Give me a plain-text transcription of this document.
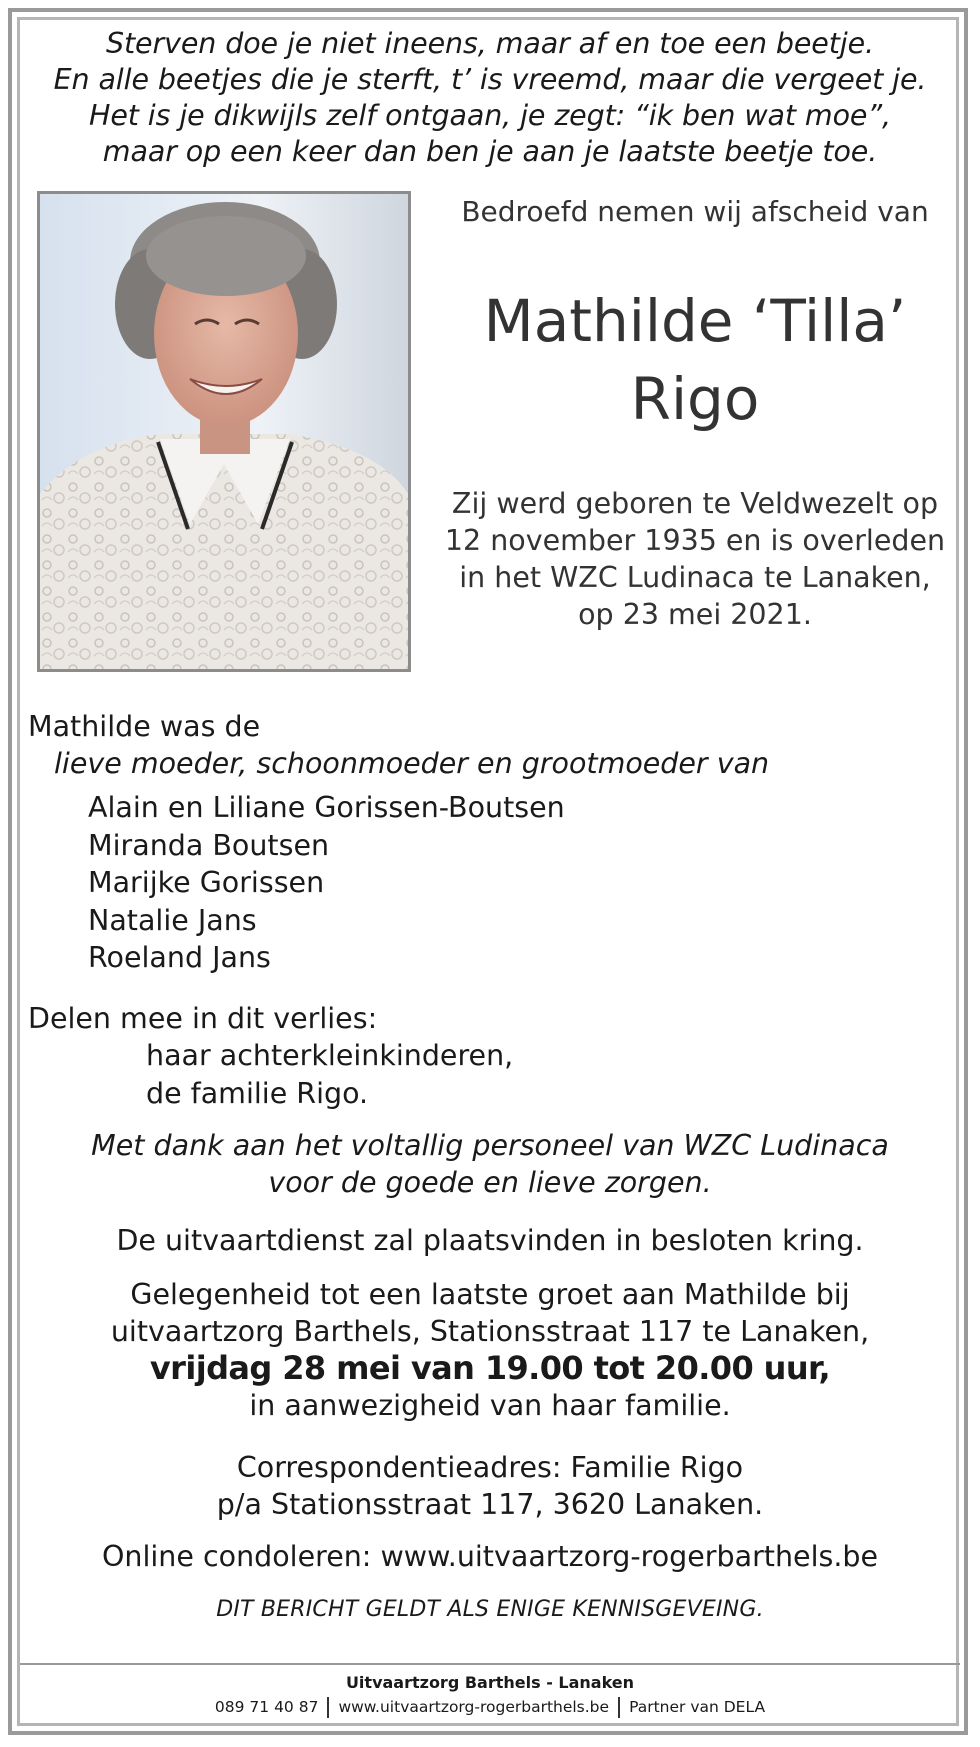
Sterven doe je niet ineens, maar af en toe een beetje.
En alle beetjes die je sterft, t’ is vreemd, maar die vergeet je.
Het is je dikwijls zelf ontgaan, je zegt: “ik ben wat moe”,
maar op een keer dan ben je aan je laatste beetje toe.
Bedroefd nemen wij afscheid van
Mathilde ‘Tilla’
Rigo
Zij werd geboren te Veldwezelt op
12 november 1935 en is overleden
in het WZC Ludinaca te Lanaken,
op 23 mei 2021.
Mathilde was de
lieve moeder, schoonmoeder en grootmoeder van
Alain en Liliane Gorissen-Boutsen
Miranda Boutsen
Marijke Gorissen
Natalie Jans
Roeland Jans
Delen mee in dit verlies:
haar achterkleinkinderen,
de familie Rigo.
Met dank aan het voltallig personeel van WZC Ludinaca
voor de goede en lieve zorgen.
De uitvaartdienst zal plaatsvinden in besloten kring.
Gelegenheid tot een laatste groet aan Mathilde bij
uitvaartzorg Barthels, Stationsstraat 117 te Lanaken,
vrijdag 28 mei van 19.00 tot 20.00 uur,
in aanwezigheid van haar familie.
Correspondentieadres: Familie Rigo
p/a Stationsstraat 117, 3620 Lanaken.
Online condoleren: www.uitvaartzorg-rogerbarthels.be
DIT BERICHT GELDT ALS ENIGE KENNISGEVEING.
Uitvaartzorg Barthels - Lanaken
089 71 40 87 www.uitvaartzorg-rogerbarthels.be Partner van DELA
